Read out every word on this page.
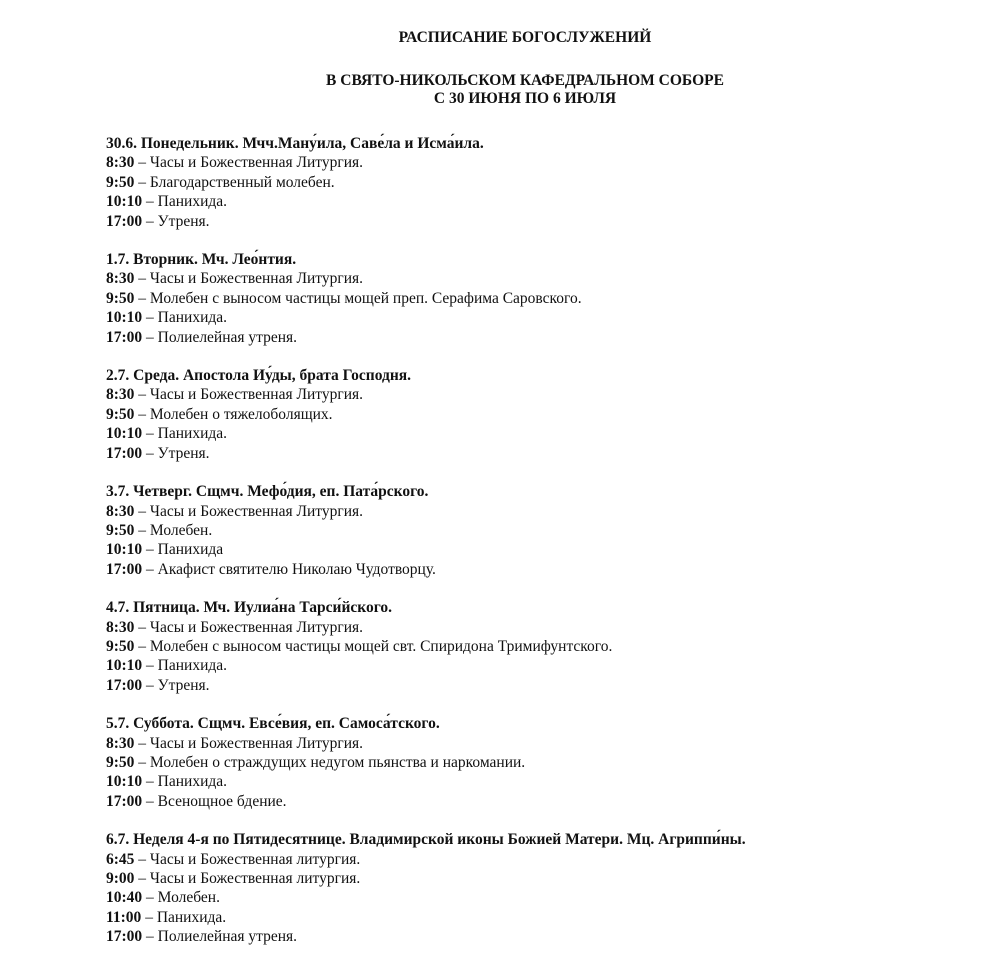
РАСПИСАНИЕ БОГОСЛУЖЕНИЙ
В СВЯТО-НИКОЛЬСКОМ КАФЕДРАЛЬНОМ СОБОРЕ
С 30 ИЮНЯ ПО 6 ИЮЛЯ
30.6. Понедельник. Мчч.Ману́ила, Саве́ла и Исма́ила.
8:30 – Часы и Божественная Литургия.
9:50 – Благодарственный молебен.
10:10 – Панихида.
17:00 – Утреня.
1.7. Вторник. Мч. Лео́нтия.
8:30 – Часы и Божественная Литургия.
9:50 – Молебен с выносом частицы мощей преп. Серафима Саровского.
10:10 – Панихида.
17:00 – Полиелейная утреня.
2.7. Среда. Апостола Иу́ды, брата Господня.
8:30 – Часы и Божественная Литургия.
9:50 – Молебен о тяжелоболящих.
10:10 – Панихида.
17:00 – Утреня.
3.7. Четверг. Сщмч. Мефо́дия, еп. Пата́рского.
8:30 – Часы и Божественная Литургия.
9:50 – Молебен.
10:10 – Панихида
17:00 – Акафист святителю Николаю Чудотворцу.
4.7. Пятница. Мч. Иулиа́на Тарси́йского.
8:30 – Часы и Божественная Литургия.
9:50 – Молебен с выносом частицы мощей свт. Спиридона Тримифунтского.
10:10 – Панихида.
17:00 – Утреня.
5.7. Суббота. Сщмч. Евсе́вия, еп. Самоса́тского.
8:30 – Часы и Божественная Литургия.
9:50 – Молебен о страждущих недугом пьянства и наркомании.
10:10 – Панихида.
17:00 – Всенощное бдение.
6.7. Неделя 4-я по Пятидесятнице. Владимирской иконы Божией Матери. Мц. Агриппи́ны.
6:45 – Часы и Божественная литургия.
9:00 – Часы и Божественная литургия.
10:40 – Молебен.
11:00 – Панихида.
17:00 – Полиелейная утреня.
